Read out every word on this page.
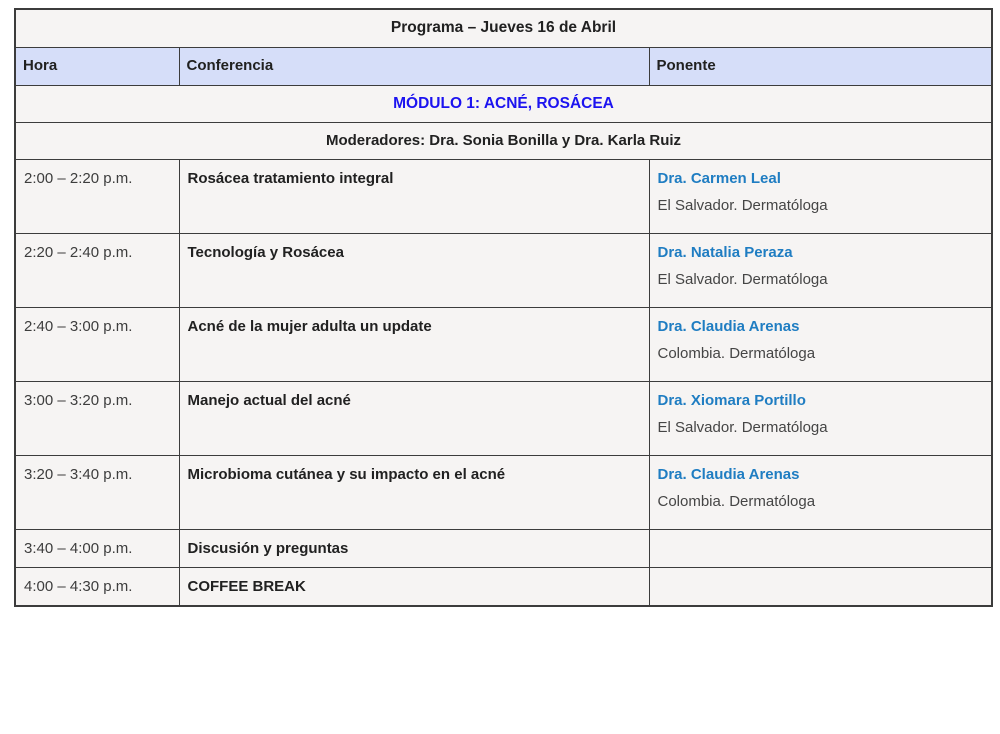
Programa – Jueves 16 de Abril		
Hora	Conferencia	Ponente
MÓDULO 1: ACNÉ, ROSÁCEA		
Moderadores: Dra. Sonia Bonilla y Dra. Karla Ruiz		
2:00 – 2:20 p.m.	Rosácea tratamiento integral	Dra. Carmen Leal

El Salvador. Dermatóloga

2:20 – 2:40 p.m.	Tecnología y Rosácea	Dra. Natalia Peraza

El Salvador. Dermatóloga

2:40 – 3:00 p.m.	Acné de la mujer adulta un update	Dra. Claudia Arenas

Colombia. Dermatóloga

3:00 – 3:20 p.m.	Manejo actual del acné	Dra. Xiomara Portillo

El Salvador. Dermatóloga

3:20 – 3:40 p.m.	Microbioma cutánea y su impacto en el acné	Dra. Claudia Arenas

Colombia. Dermatóloga

3:40 – 4:00 p.m.	Discusión y preguntas	
4:00 – 4:30 p.m.	COFFEE BREAK	
